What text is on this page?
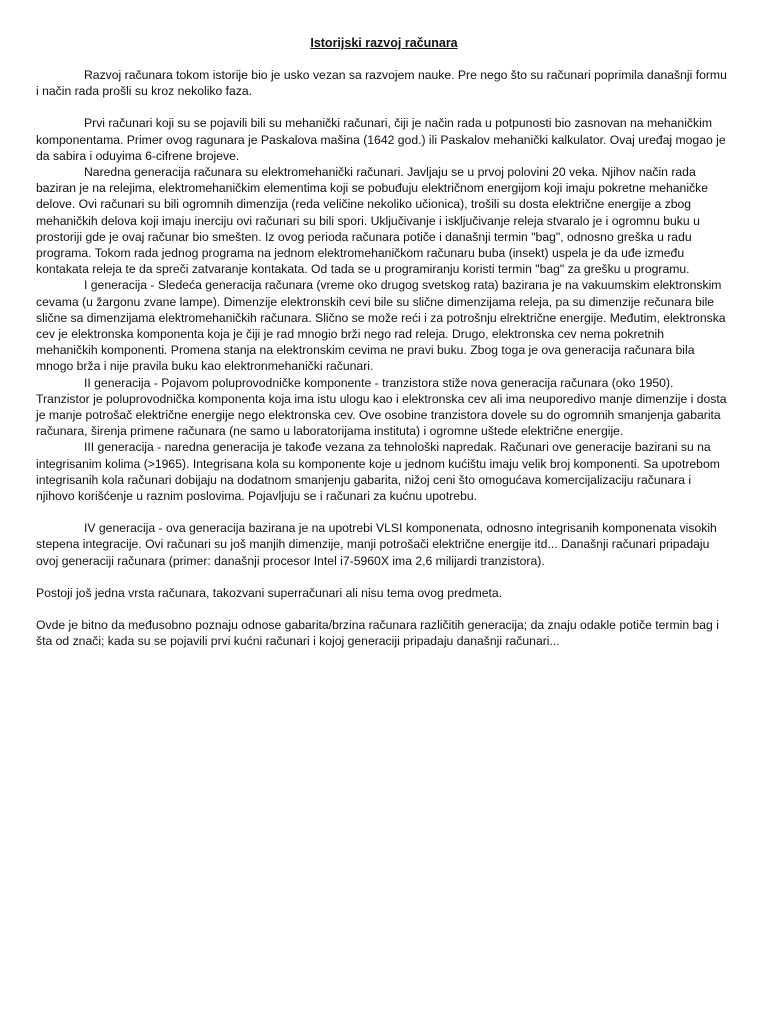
Istorijski razvoj računara

Razvoj računara tokom istorije bio je usko vezan sa razvojem nauke. Pre nego što su računari poprimila današnji formu i način rada prošli su kroz nekoliko faza.

Prvi računari koji su se pojavili bili su mehanički računari, čiji je način rada u potpunosti bio zasnovan na mehaničkim komponentama. Primer ovog ragunara je Paskalova mašina (1642 god.) ili Paskalov mehanički kalkulator. Ovaj uređaj mogao je da sabira i oduyima 6-cifrene brojeve.

Naredna generacija računara su elektromehanički računari. Javljaju se u prvoj polovini 20 veka. Njihov način rada baziran je na relejima, elektromehaničkim elementima koji se pobuđuju električnom energijom koji imaju pokretne mehaničke delove. Ovi računari su bili ogromnih dimenzija (reda veličine nekoliko učionica), trošili su dosta električne energije a zbog mehaničkih delova koji imaju inerciju ovi računari su bili spori. Uključivanje i isključivanje releja stvaralo je i ogromnu buku u prostoriji gde je ovaj računar bio smešten. Iz ovog perioda računara potiče i današnji termin "bag", odnosno greška u radu programa. Tokom rada jednog programa na jednom elektromehaničkom računaru buba (insekt) uspela je da uđe između kontakata releja te da spreči zatvaranje kontakata. Od tada se u programiranju koristi termin "bag" za grešku u programu.

I generacija - Sledeća generacija računara (vreme oko drugog svetskog rata) bazirana je na vakuumskim elektronskim cevama (u žargonu zvane lampe). Dimenzije elektronskih cevi bile su slične dimenzijama releja, pa su dimenzije rečunara bile slične sa dimenzijama elektromehaničkih računara. Slično se može reći i za potrošnju elrektrične energije. Međutim, elektronska cev je elektronska komponenta koja je čiji je rad mnogio brži nego rad releja. Drugo, elektronska cev nema pokretnih mehaničkih komponenti. Promena stanja na elektronskim cevima ne pravi buku. Zbog toga je ova generacija računara bila mnogo brža i nije pravila buku kao elektronmehanički računari.

II generacija - Pojavom poluprovodničke komponente - tranzistora stiže nova generacija računara (oko 1950). Tranzistor je poluprovodnička komponenta koja ima istu ulogu kao i elektronska cev ali ima neuporedivo manje dimenzije i dosta je manje potrošač električne energije nego elektronska cev. Ove osobine tranzistora dovele su do ogromnih smanjenja gabarita računara, širenja primene računara (ne samo u laboratorijama instituta) i ogromne uštede električne energije.

III generacija - naredna generacija je takođe vezana za tehnološki napredak. Računari ove generacije bazirani su na integrisanim kolima (>1965). Integrisana kola su komponente koje u jednom kućištu imaju velik broj komponenti. Sa upotrebom integrisanih kola računari dobijaju na dodatnom smanjenju gabarita, nižoj ceni što omogućava komercijalizaciju računara i njihovo korišćenje u raznim poslovima. Pojavljuju se i računari za kućnu upotrebu.

IV generacija - ova generacija bazirana je na upotrebi VLSI komponenata, odnosno integrisanih komponenata visokih stepena integracije. Ovi računari su još manjih dimenzije, manji potrošači električne energije itd... Današnji računari pripadaju ovoj generaciji računara (primer: današnji procesor Intel i7-5960X ima 2,6 milijardi tranzistora).

Postoji još jedna vrsta računara, takozvani superračunari ali nisu tema ovog predmeta.

Ovde je bitno da međusobno poznaju odnose gabarita/brzina računara različitih generacija; da znaju odakle potiče termin bag i šta od znači; kada su se pojavili prvi kućni računari i kojoj generaciji pripadaju današnji računari...
